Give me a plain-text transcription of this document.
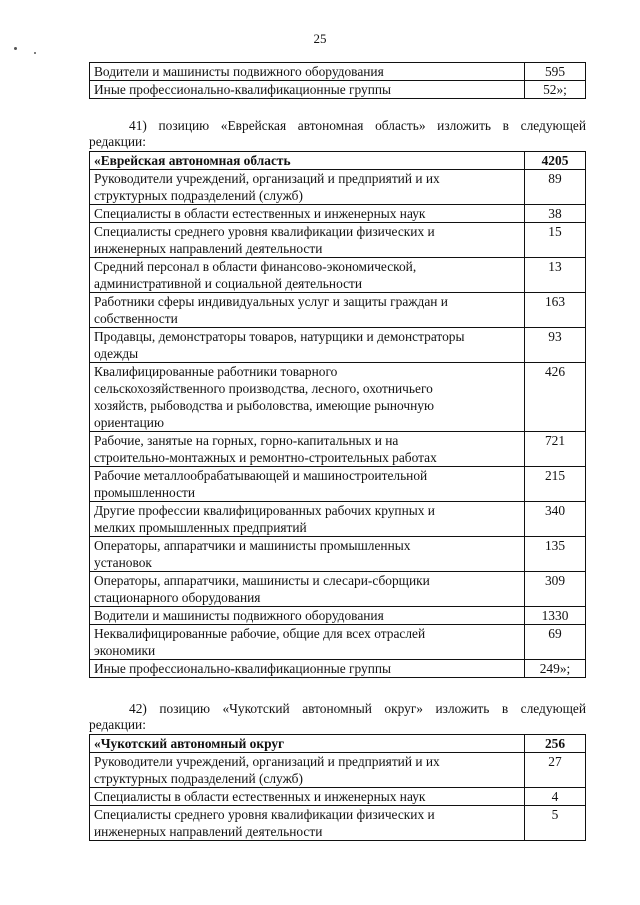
25
Водители и машинисты подвижного оборудования	595
Иные профессионально-квалификационные группы	52»;
41) позицию «Еврейская автономная область» изложить в следующей
редакции:
«Еврейская автономная область	4205

Руководители учреждений, организаций и предприятий и их
структурных подразделений (служб)	89

Специалисты в области естественных и инженерных наук	38

Специалисты среднего уровня квалификации физических и
инженерных направлений деятельности	15

Средний персонал в области финансово-экономической,
административной и социальной деятельности	13

Работники сферы индивидуальных услуг и защиты граждан и
собственности	163

Продавцы, демонстраторы товаров, натурщики и демонстраторы
одежды	93

Квалифицированные работники товарного
сельскохозяйственного производства, лесного, охотничьего
хозяйств, рыбоводства и рыболовства, имеющие рыночную
ориентацию	426

Рабочие, занятые на горных, горно-капитальных и на
строительно-монтажных и ремонтно-строительных работах	721

Рабочие металлообрабатывающей и машиностроительной
промышленности	215

Другие профессии квалифицированных рабочих крупных и
мелких промышленных предприятий	340

Операторы, аппаратчики и машинисты промышленных
установок	135

Операторы, аппаратчики, машинисты и слесари-сборщики
стационарного оборудования	309

Водители и машинисты подвижного оборудования	1330

Неквалифицированные рабочие, общие для всех отраслей
экономики	69

Иные профессионально-квалификационные группы	249»;
42) позицию «Чукотский автономный округ» изложить в следующей
редакции:
«Чукотский автономный округ	256

Руководители учреждений, организаций и предприятий и их
структурных подразделений (служб)	27

Специалисты в области естественных и инженерных наук	4

Специалисты среднего уровня квалификации физических и
инженерных направлений деятельности	5
